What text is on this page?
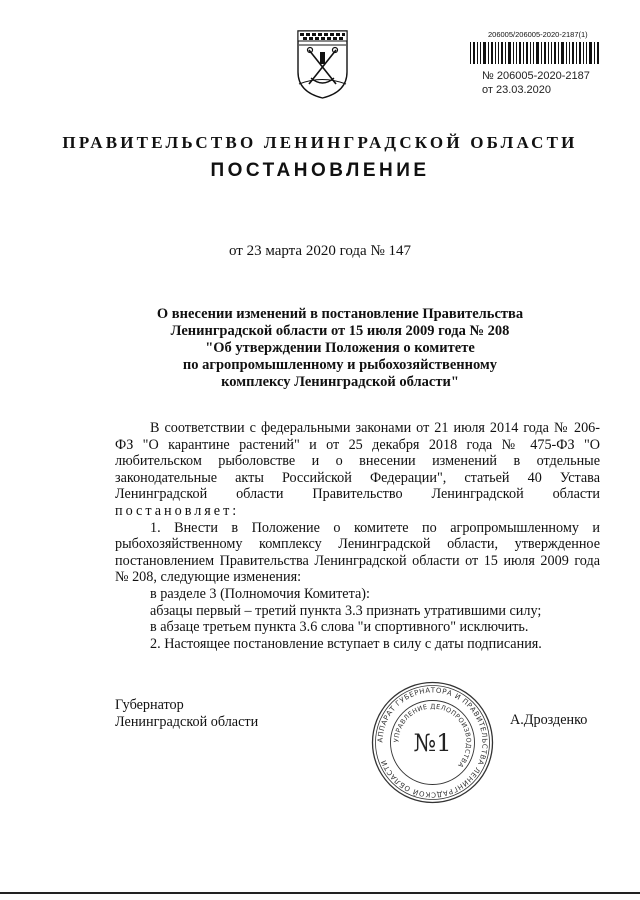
206005/206005-2020-2187(1)
№ 206005-2020-2187
от 23.03.2020
ПРАВИТЕЛЬСТВО ЛЕНИНГРАДСКОЙ ОБЛАСТИ
ПОСТАНОВЛЕНИЕ
от 23 марта 2020 года № 147
О внесении изменений в постановление Правительства
Ленинградской области от 15 июля 2009 года № 208
"Об утверждении Положения о комитете
по агропромышленному и рыбохозяйственному
комплексу Ленинградской области"

В соответствии с федеральными законами от 21 июля 2014 года № 206-ФЗ "О карантине растений" и от 25 декабря 2018 года № 475-ФЗ "О любительском рыболовстве и о внесении изменений в отдельные законодательные акты Российской Федерации", статьей 40 Устава Ленинградской области Правительство Ленинградской области постановляет:

1. Внести в Положение о комитете по агропромышленному и рыбохозяйственному комплексу Ленинградской области, утвержденное постановлением Правительства Ленинградской области от 15 июля 2009 года № 208, следующие изменения:

в разделе 3 (Полномочия Комитета):

абзацы первый – третий пункта 3.3 признать утратившими силу;

в абзаце третьем пункта 3.6 слова "и спортивного" исключить.

2. Настоящее постановление вступает в силу с даты подписания.

Губернатор
Ленинградской области	А.Дрозденко
АППАРАТ ГУБЕРНАТОРА И ПРАВИТЕЛЬСТВА ЛЕНИНГРАДСКОЙ ОБЛАСТИ
УПРАВЛЕНИЕ ДЕЛОПРОИЗВОДСТВА
№1
